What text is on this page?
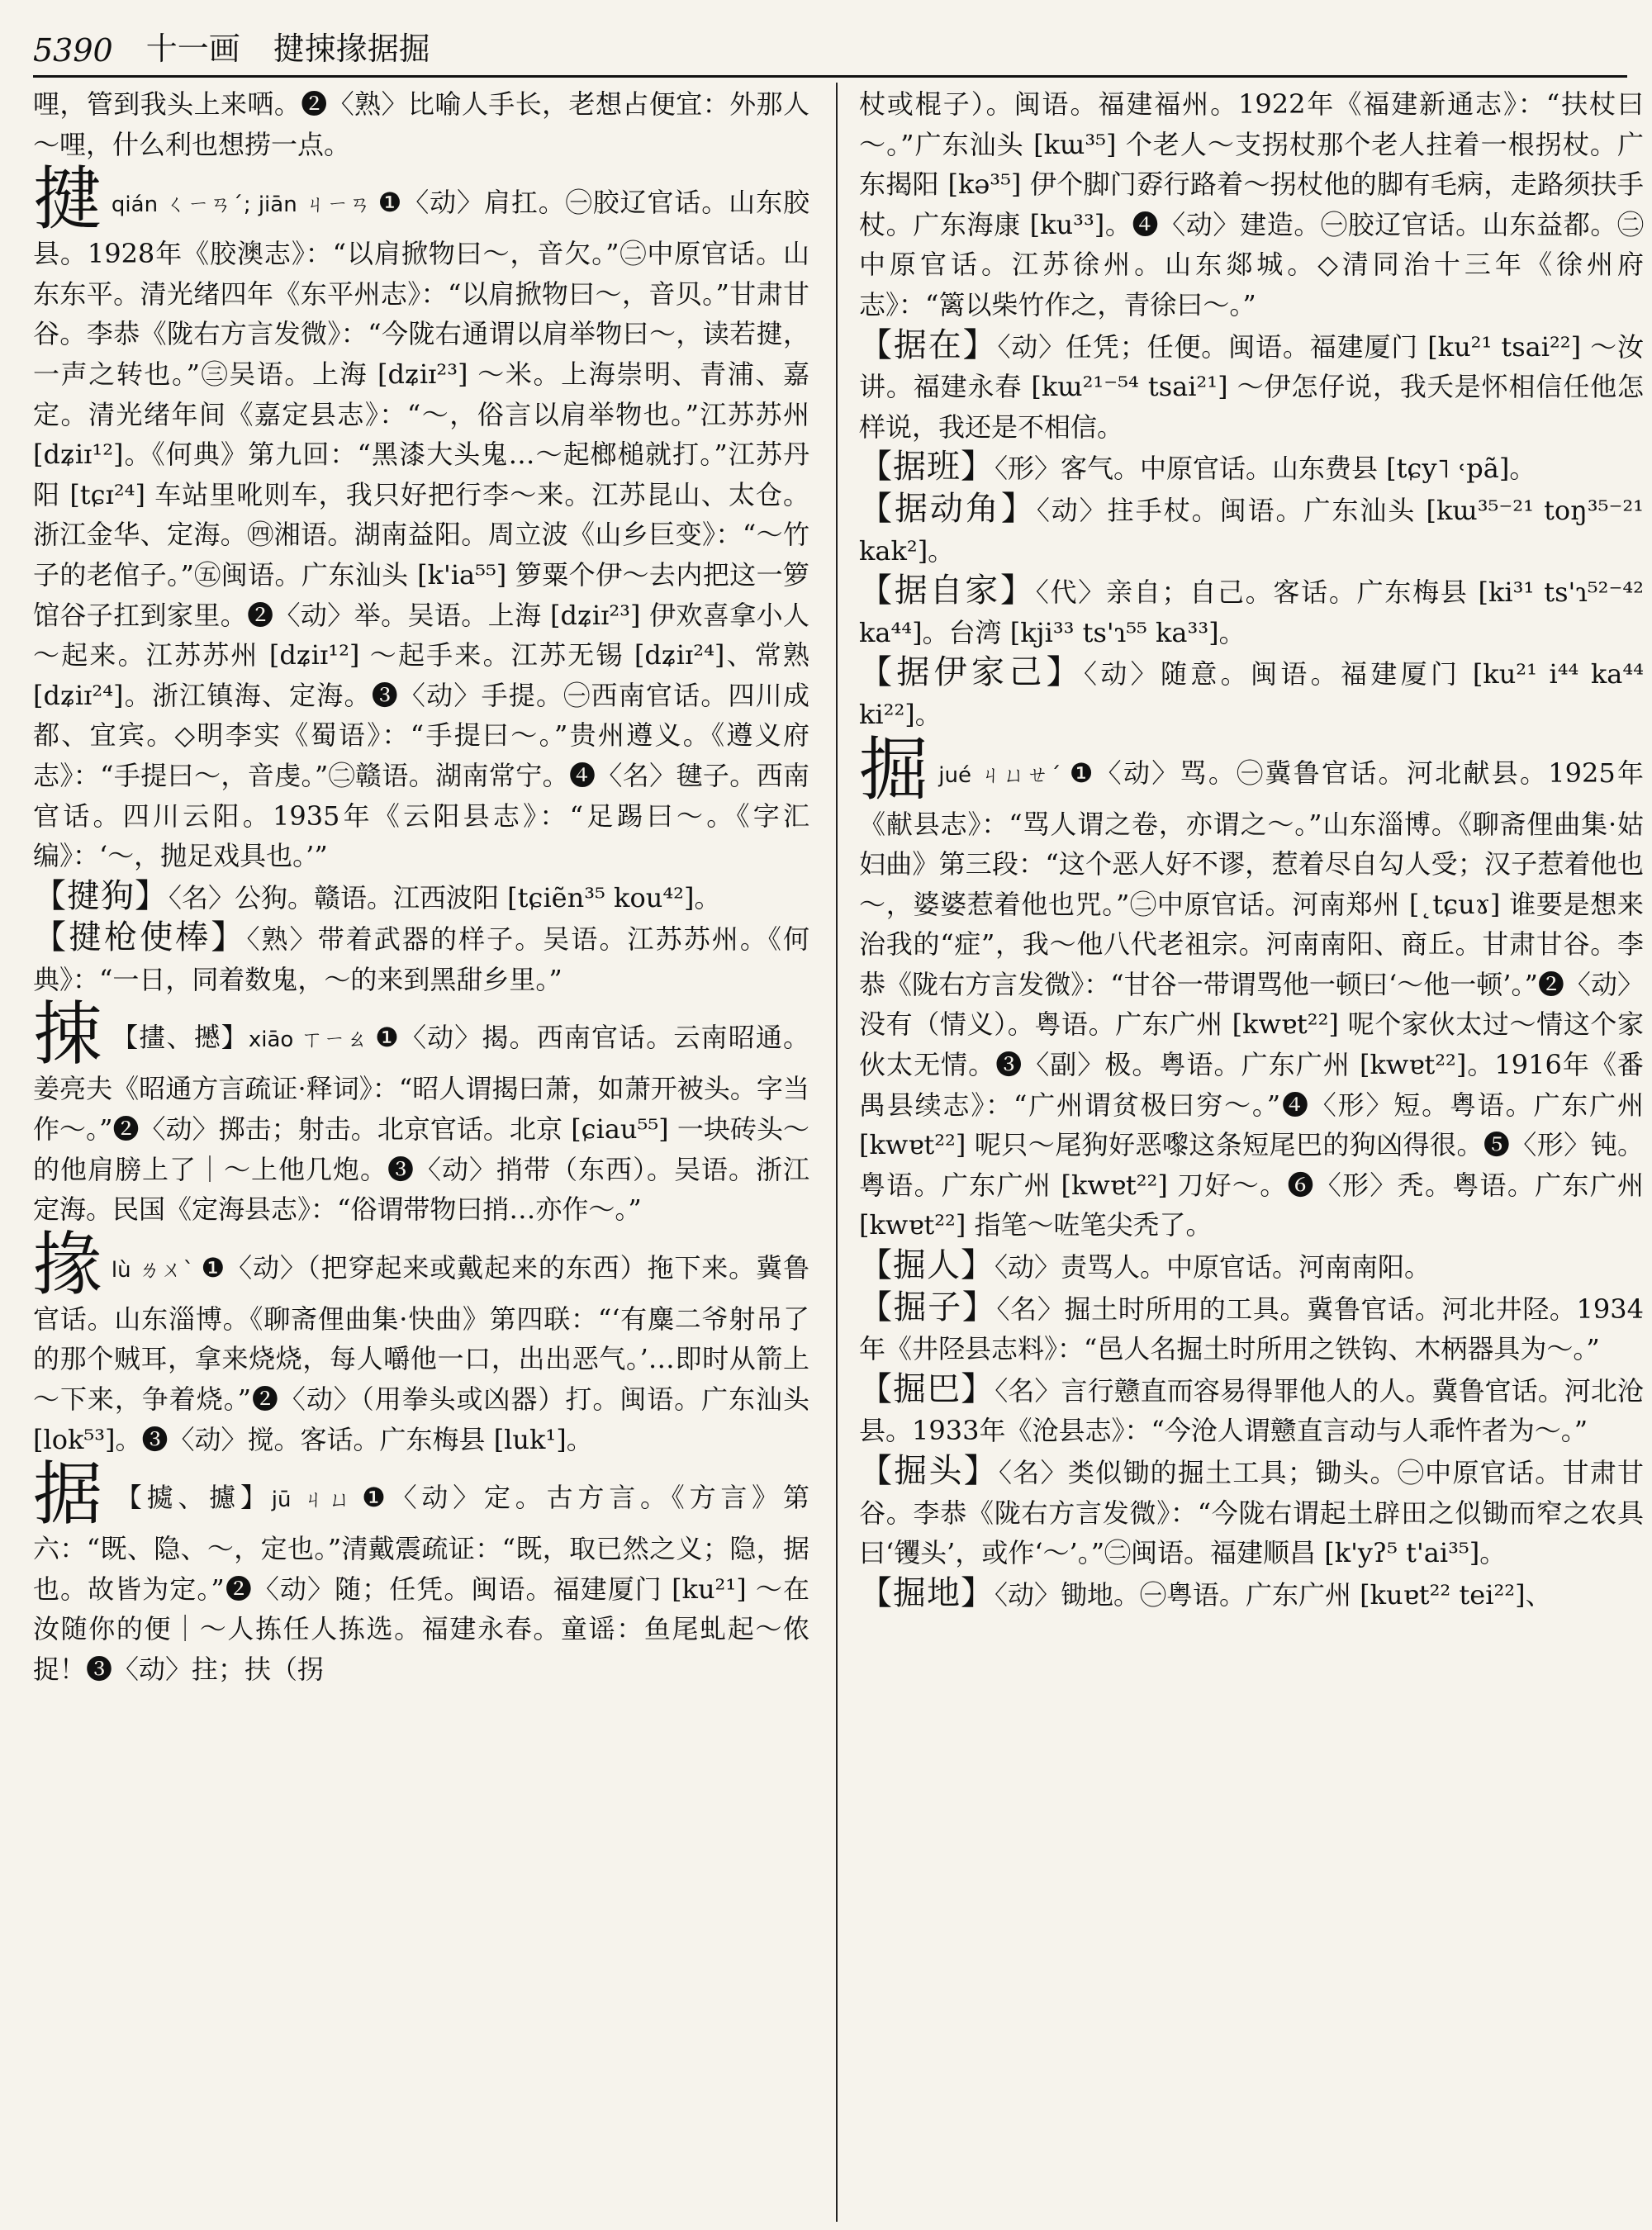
5390 十一画 揵捒掾据掘

哩，管到我头上来哂。❷〈熟〉比喻人手长，老想占便宜：外那人～哩，什么利也想捞一点。

揵qián ㄑㄧㄢˊ; jiān ㄐㄧㄢ ❶〈动〉肩扛。㊀胶辽官话。山东胶县。1928年《胶澳志》：“以肩掀物曰～，音欠。”㊁中原官话。山东东平。清光绪四年《东平州志》：“以肩掀物曰～，音贝。”甘肃甘谷。李恭《陇右方言发微》：“今陇右通谓以肩举物曰～，读若揵，一声之转也。”㊂吴语。上海 [dʑiɪ²³] ～米。上海崇明、青浦、嘉定。清光绪年间《嘉定县志》：“～，俗言以肩举物也。”江苏苏州 [dʑiɪ¹²]。《何典》第九回：“黑漆大头鬼…～起榔槌就打。”江苏丹阳 [tɕɪ²⁴] 车站里吪则车，我只好把行李～来。江苏昆山、太仓。浙江金华、定海。㊃湘语。湖南益阳。周立波《山乡巨变》：“～竹子的老倌子。”㊄闽语。广东汕头 [k'ia⁵⁵] 箩粟个伊～去内把这一箩馆谷子扛到家里。❷〈动〉举。吴语。上海 [dʑiɪ²³] 伊欢喜拿小人～起来。江苏苏州 [dʑiɪ¹²] ～起手来。江苏无锡 [dʑiɪ²⁴]、常熟 [dʑiɪ²⁴]。浙江镇海、定海。❸〈动〉手提。㊀西南官话。四川成都、宜宾。◇明李实《蜀语》：“手提曰～。”贵州遵义。《遵义府志》：“手提曰～，音虔。”㊁赣语。湖南常宁。❹〈名〉毽子。西南官话。四川云阳。1935年《云阳县志》：“足踢曰～。《字汇编》：‘～，抛足戏具也。’”

【揵狗】〈名〉公狗。赣语。江西波阳 [tɕiẽn³⁵ kou⁴²]。

【揵枪使棒】〈熟〉带着武器的样子。吴语。江苏苏州。《何典》：“一日，同着数鬼，～的来到黑甜乡里。”

捒 【㩇、𢷾】xiāo ㄒㄧㄠ ❶〈动〉揭。西南官话。云南昭通。姜亮夫《昭通方言疏证·释词》：“昭人谓揭曰萧，如萧开被头。字当作～。”❷〈动〉掷击；射击。北京官话。北京 [ɕiau⁵⁵] 一块砖头～的他肩膀上了｜～上他几炮。❸〈动〉捎带（东西）。吴语。浙江定海。民国《定海县志》：“俗谓带物曰捎…亦作～。”

掾lù ㄌㄨˋ ❶〈动〉（把穿起来或戴起来的东西）拖下来。冀鲁官话。山东淄博。《聊斋俚曲集·快曲》第四联：“‘有麋二爷射吊了的那个贼耳，拿来烧烧，每人嚼他一口，出出恶气。’…即时从箭上～下来，争着烧。”❷〈动〉（用拳头或凶器）打。闽语。广东汕头 [lok⁵³]。❸〈动〉搅。客话。广东梅县 [luk¹]。

据 【㨿、攄】jū ㄐㄩ ❶〈动〉定。古方言。《方言》第六：“既、隐、～，定也。”清戴震疏证：“既，取已然之义；隐，据也。故皆为定。”❷〈动〉随；任凭。闽语。福建厦门 [ku²¹] ～在汝随你的便｜～人拣任人拣选。福建永春。童谣：鱼尾虬起～侬捉！❸〈动〉拄；扶（拐

杖或棍子）。闽语。福建福州。1922年《福建新通志》：“扶杖曰～。”广东汕头 [kɯ³⁵] 个老人～支拐杖那个老人拄着一根拐杖。广东揭阳 [kə³⁵] 伊个脚门孬行路着～拐杖他的脚有毛病，走路须扶手杖。广东海康 [ku³³]。❹〈动〉建造。㊀胶辽官话。山东益都。㊁中原官话。江苏徐州。山东郯城。◇清同治十三年《徐州府志》：“篱以柴竹作之，青徐曰～。”

【据在】〈动〉任凭；任便。闽语。福建厦门 [ku²¹ tsai²²] ～汝讲。福建永春 [kɯ²¹⁻⁵⁴ tsai²¹] ～伊怎仔说，我夭是怀相信任他怎样说，我还是不相信。

【据班】〈形〉客气。中原官话。山东费县 [tɕy˥ ˓pã]。

【据动角】〈动〉拄手杖。闽语。广东汕头 [kɯ³⁵⁻²¹ toŋ³⁵⁻²¹ kak²]。

【据自家】〈代〉亲自；自己。客话。广东梅县 [ki³¹ ts'ɿ⁵²⁻⁴² ka⁴⁴]。台湾 [kji³³ ts'ɿ⁵⁵ ka³³]。

【据伊家己】〈动〉随意。闽语。福建厦门 [ku²¹ i⁴⁴ ka⁴⁴ ki²²]。

掘jué ㄐㄩㄝˊ ❶〈动〉骂。㊀冀鲁官话。河北献县。1925年《献县志》：“骂人谓之卷，亦谓之～。”山东淄博。《聊斋俚曲集·姑妇曲》第三段：“这个恶人好不谬，惹着尽自勾人受；汉子惹着他也～，婆婆惹着他也咒。”㊁中原官话。河南郑州 [˛tɕuɤ] 谁要是想来治我的“症”，我～他八代老祖宗。河南南阳、商丘。甘肃甘谷。李恭《陇右方言发微》：“甘谷一带谓骂他一顿曰‘～他一顿’。”❷〈动〉没有（情义）。粤语。广东广州 [kwɐt²²] 呢个家伙太过～情这个家伙太无情。❸〈副〉极。粤语。广东广州 [kwɐt²²]。1916年《番禺县续志》：“广州谓贫极曰穷～。”❹〈形〉短。粤语。广东广州 [kwɐt²²] 呢只～尾狗好恶嚟这条短尾巴的狗凶得很。❺〈形〉钝。粤语。广东广州 [kwɐt²²] 刀好～。❻〈形〉秃。粤语。广东广州 [kwɐt²²] 指笔～咗笔尖秃了。

【掘人】〈动〉责骂人。中原官话。河南南阳。

【掘子】〈名〉掘土时所用的工具。冀鲁官话。河北井陉。1934年《井陉县志料》：“邑人名掘土时所用之铁钩、木柄器具为～。”

【掘巴】〈名〉言行戆直而容易得罪他人的人。冀鲁官话。河北沧县。1933年《沧县志》：“今沧人谓戆直言动与人乖忤者为～。”

【掘头】〈名〉类似锄的掘土工具；锄头。㊀中原官话。甘肃甘谷。李恭《陇右方言发微》：“今陇右谓起土辟田之似锄而窄之农具曰‘䦆头’，或作‘～’。”㊁闽语。福建顺昌 [k'yʔ⁵ t'ai³⁵]。

【掘地】〈动〉锄地。㊀粤语。广东广州 [kuɐt²² tei²²]、
